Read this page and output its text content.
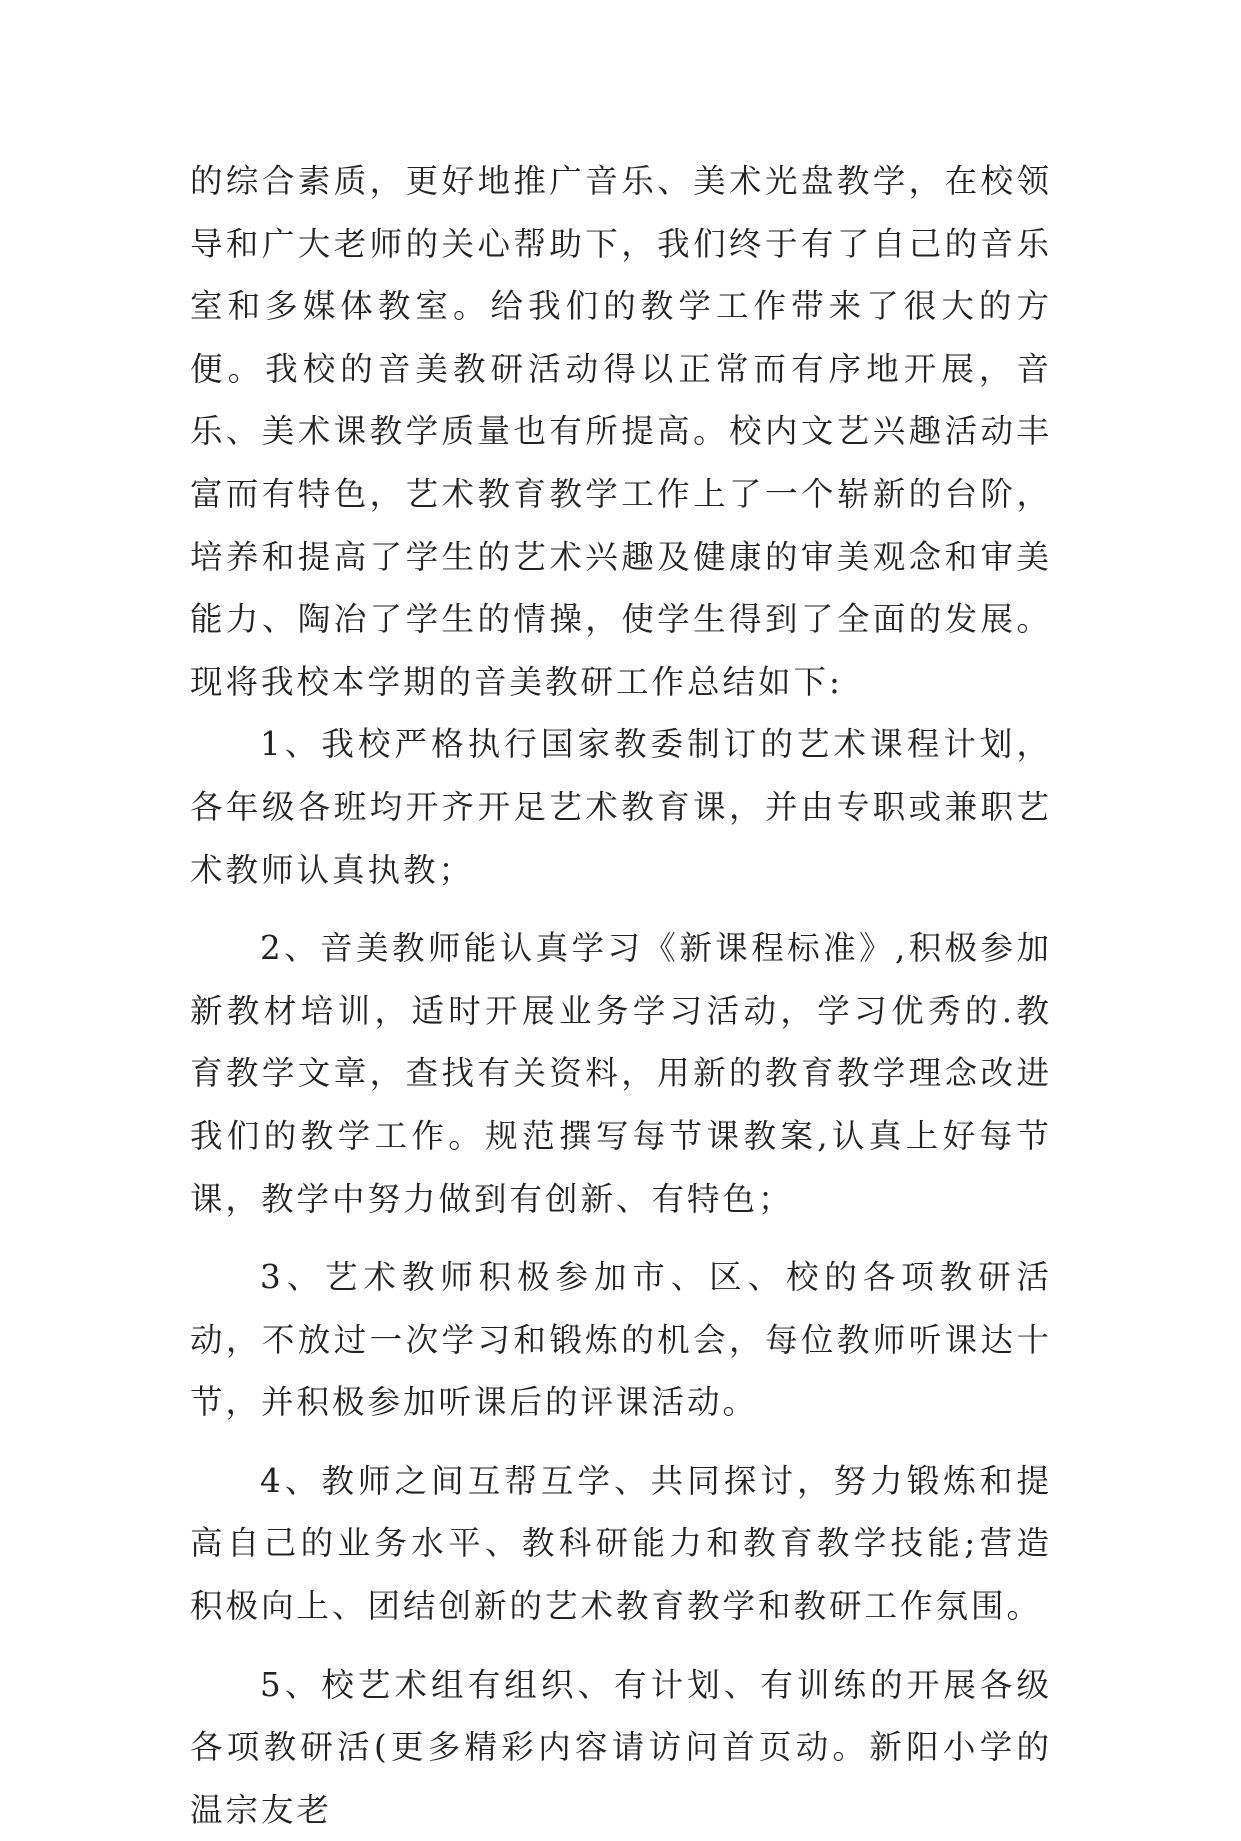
的综合素质，更好地推广音乐、美术光盘教学，在校领导和广大老师的关心帮助下，我们终于有了自己的音乐室和多媒体教室。给我们的教学工作带来了很大的方便。我校的音美教研活动得以正常而有序地开展，音乐、美术课教学质量也有所提高。校内文艺兴趣活动丰富而有特色，艺术教育教学工作上了一个崭新的台阶，培养和提高了学生的艺术兴趣及健康的审美观念和审美能力、陶冶了学生的情操，使学生得到了全面的发展。现将我校本学期的音美教研工作总结如下:

1、我校严格执行国家教委制订的艺术课程计划，各年级各班均开齐开足艺术教育课，并由专职或兼职艺术教师认真执教；

2、音美教师能认真学习《新课程标准》,积极参加新教材培训，适时开展业务学习活动，学习优秀的.教育教学文章，查找有关资料，用新的教育教学理念改进我们的教学工作。规范撰写每节课教案,认真上好每节课，教学中努力做到有创新、有特色；

3、艺术教师积极参加市、区、校的各项教研活动，不放过一次学习和锻炼的机会，每位教师听课达十节，并积极参加听课后的评课活动。

4、教师之间互帮互学、共同探讨，努力锻炼和提高自己的业务水平、教科研能力和教育教学技能;营造积极向上、团结创新的艺术教育教学和教研工作氛围。

5、校艺术组有组织、有计划、有训练的开展各级各项教研活(更多精彩内容请访问首页动。新阳小学的温宗友老
